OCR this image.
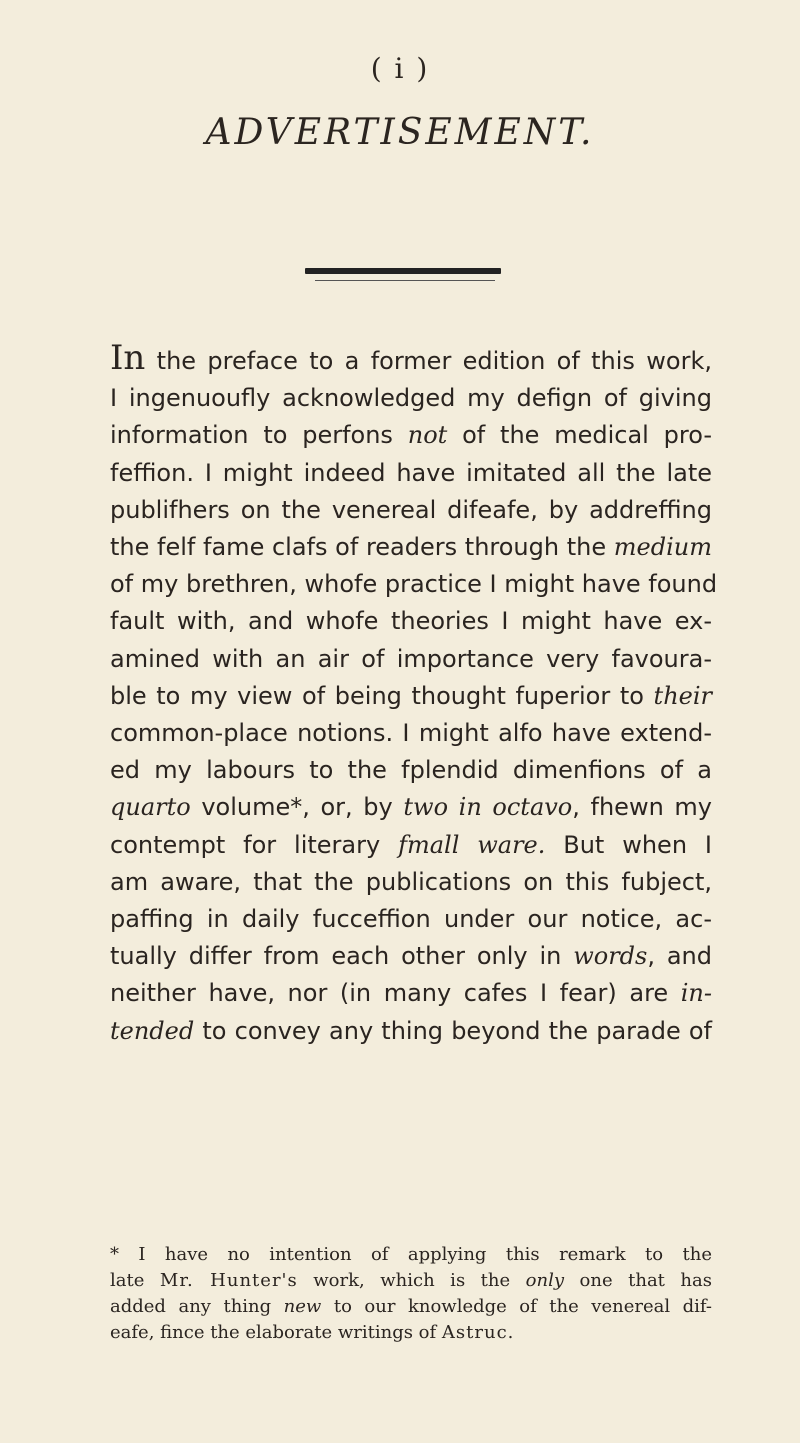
( i )
ADVERTISEMENT.
In the preface to a former edition of this work,
I ingenuoufly acknowledged my defign of giving
information to perfons not of the medical pro-
feffion. I might indeed have imitated all the late
publifhers on the venereal difeafe, by addreffing
the felf fame clafs of readers through the medium
of my brethren, whofe practice I might have found
fault with, and whofe theories I might have ex-
amined with an air of importance very favoura-
ble to my view of being thought fuperior to their
common-place notions. I might alfo have extend-
ed my labours to the fplendid dimenfions of a
quarto volume*, or, by two in octavo, fhewn my
contempt for literary fmall ware. But when I
am aware, that the publications on this fubject,
paffing in daily fucceffion under our notice, ac-
tually differ from each other only in words, and
neither have, nor (in many cafes I fear) are in-
tended to convey any thing beyond the parade of
* I have no intention of applying this remark to the
late Mr. Hunter's work, which is the only one that has
added any thing new to our knowledge of the venereal dif-
eafe, fince the elaborate writings of Astruc.
